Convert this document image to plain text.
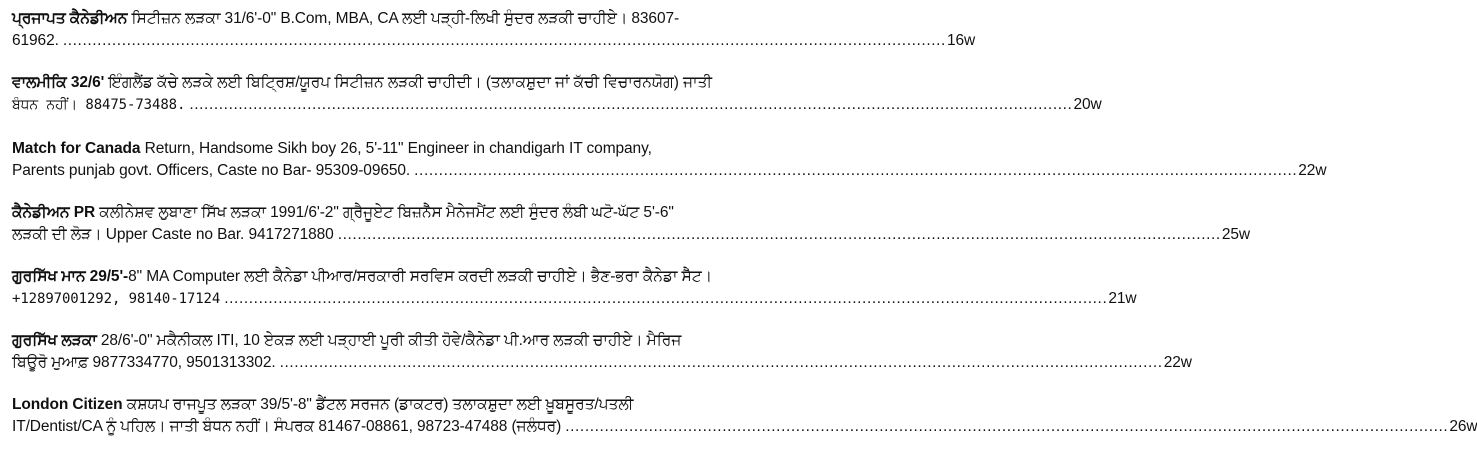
ਪ੍ਰਜਾਪਤ ਕੈਨੇਡੀਅਨ ਸਿਟੀਜ਼ਨ ਲੜਕਾ 31/6'-0" B.Com, MBA, CA ਲਈ ਪੜ੍ਹੀ-ਲਿਖੀ ਸੁੰਦਰ ਲੜਕੀ ਚਾਹੀਏ। 83607-
61962. .................................................................................................................................................................................... 16w
ਵਾਲਮੀਕਿ 32/6' ਇੰਗਲੈਂਡ ਕੱਚੇ ਲੜਕੇ ਲਈ ਬਿਟ੍ਰਿਸ਼/ਯੂਰਪ ਸਿਟੀਜ਼ਨ ਲੜਕੀ ਚਾਹੀਦੀ। (ਤਲਾਕਸ਼ੁਦਾ ਜਾਂ ਕੱਚੀ ਵਿਚਾਰਨਯੋਗ) ਜਾਤੀ
ਬੰਧਨ ਨਹੀਂ। 88475-73488. .................................................................................................................................................................................... 20w
Match for Canada Return, Handsome Sikh boy 26, 5'-11" Engineer in chandigarh IT company,
Parents punjab govt. Officers, Caste no Bar- 95309-09650. .................................................................................................................................................................................... 22w
ਕੈਨੇਡੀਅਨ PR ਕਲੀਨੇਸ਼ਵ ਲੁਬਾਣਾ ਸਿੱਖ ਲੜਕਾ 1991/6'-2" ਗ੍ਰੈਜੂਏਟ ਬਿਜ਼ਨੈੱਸ ਮੈਨੇਜਮੈਂਟ ਲਈ ਸੁੰਦਰ ਲੰਬੀ ਘਟੋ-ਘੱਟ 5'-6"
ਲੜਕੀ ਦੀ ਲੋੜ। Upper Caste no Bar. 9417271880 .................................................................................................................................................................................... 25w
ਗੁਰਸਿੱਖ ਮਾਨ 29/5'-8" MA Computer ਲਈ ਕੈਨੇਡਾ ਪੀਆਰ/ਸਰਕਾਰੀ ਸਰਵਿਸ ਕਰਦੀ ਲੜਕੀ ਚਾਹੀਏ। ਭੈਣ-ਭਰਾ ਕੈਨੇਡਾ ਸੈੱਟ।
+12897001292, 98140-17124 .................................................................................................................................................................................... 21w
ਗੁਰਸਿੱਖ ਲੜਕਾ 28/6'-0" ਮਕੈਨੀਕਲ ITI, 10 ਏਕੜ ਲਈ ਪੜ੍ਹਾਈ ਪੂਰੀ ਕੀਤੀ ਹੋਵੇ/ਕੈਨੇਡਾ ਪੀ.ਆਰ ਲੜਕੀ ਚਾਹੀਏ। ਮੈਰਿਜ
ਬਿਊਰੋ ਮੁਆਫ਼ 9877334770, 9501313302. .................................................................................................................................................................................... 22w
London Citizen ਕਸ਼ਯਪ ਰਾਜਪੂਤ ਲੜਕਾ 39/5'-8" ਡੈਂਟਲ ਸਰਜਨ (ਡਾਕਟਰ) ਤਲਾਕਸ਼ੁਦਾ ਲਈ ਖ਼ੂਬਸੂਰਤ/ਪਤਲੀ
IT/Dentist/CA ਨੂੰ ਪਹਿਲ। ਜਾਤੀ ਬੰਧਨ ਨਹੀਂ। ਸੰਪਰਕ 81467-08861, 98723-47488 (ਜਲੰਧਰ) .................................................................................................................................................................................... 26w
